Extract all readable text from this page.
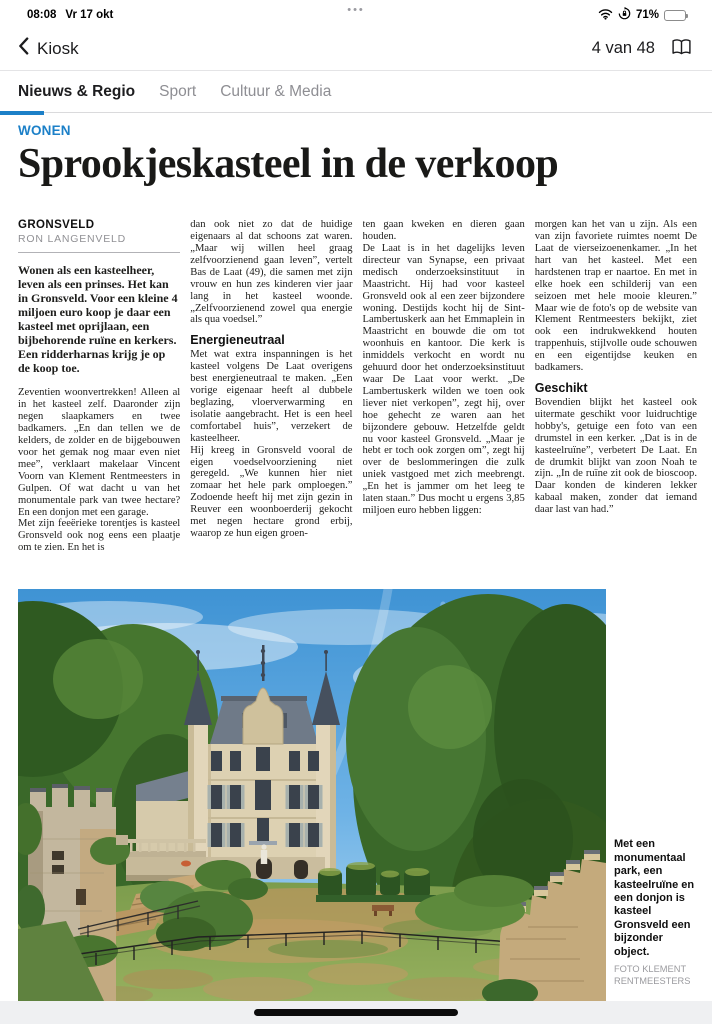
08:08 Vr 17 okt	•••	71%
Kiosk	4 van 48
Nieuws & Regio Sport Cultuur & Media
WONEN
Sprookjeskasteel in de verkoop
GRONSVELD
RON LANGENVELD

Wonen als een kasteelheer, leven als een prinses. Het kan in Gronsveld. Voor een kleine 4 miljoen euro koop je daar een kasteel met oprijlaan, een bijbehorende ruïne en kerkers. Een ridderharnas krijg je op de koop toe.

Zeventien woonvertrekken! Alleen al in het kasteel zelf. Daaronder zijn negen slaapkamers en twee badkamers. „En dan tellen we de kelders, de zolder en de bijgebouwen voor het gemak nog maar even niet mee”, verklaart makelaar Vincent Voorn van Klement Rentmeesters in Gulpen. Of wat dacht u van het monumentale park van twee hectare? En een donjon met een garage.

Met zijn feeërieke torentjes is kasteel Gronsveld ook nog eens een plaatje om te zien. En het is

dan ook niet zo dat de huidige eigenaars al dat schoons zat waren. „Maar wij willen heel graag zelfvoorzienend gaan leven”, vertelt Bas de Laat (49), die samen met zijn vrouw en hun zes kinderen vier jaar lang in het kasteel woonde. „Zelfvoorzienend zowel qua energie als qua voedsel.”

Energieneutraal

Met wat extra inspanningen is het kasteel volgens De Laat overigens best energieneutraal te maken. „Een vorige eigenaar heeft al dubbele beglazing, vloerverwarming en isolatie aangebracht. Het is een heel comfortabel huis”, verzekert de kasteelheer.

Hij kreeg in Gronsveld vooral de eigen voedselvoorziening niet geregeld. „We kunnen hier niet zomaar het hele park omploegen.” Zodoende heeft hij met zijn gezin in Reuver een woonboerderij gekocht met negen hectare grond erbij, waarop ze hun eigen groen-

ten gaan kweken en dieren gaan houden.

De Laat is in het dagelijks leven directeur van Synapse, een privaat medisch onderzoeksinstituut in Maastricht. Hij had voor kasteel Gronsveld ook al een zeer bijzondere woning. Destijds kocht hij de Sint-Lambertuskerk aan het Emmaplein in Maastricht en bouwde die om tot woonhuis en kantoor. Die kerk is inmiddels verkocht en wordt nu gehuurd door het onderzoeksinstituut waar De Laat voor werkt. „De Lambertuskerk wilden we toen ook liever niet verkopen”, zegt hij, over hoe gehecht ze waren aan het bijzondere gebouw. Hetzelfde geldt nu voor kasteel Gronsveld. „Maar je hebt er toch ook zorgen om”, zegt hij over de beslommeringen die zulk uniek vastgoed met zich meebrengt. „En het is jammer om het leeg te laten staan.” Dus mocht u ergens 3,85 miljoen euro hebben liggen:

morgen kan het van u zijn. Als een van zijn favoriete ruimtes noemt De Laat de vierseizoenenkamer. „In het hart van het kasteel. Met een hardstenen trap er naartoe. En met in elke hoek een schilderij van een seizoen met hele mooie kleuren.” Maar wie de foto's op de website van Klement Rentmeesters bekijkt, ziet ook een indrukwekkend houten trappenhuis, stijlvolle oude schouwen en een eigentijdse keuken en badkamers.

Geschikt

Bovendien blijkt het kasteel ook uitermate geschikt voor luidruchtige hobby's, getuige een foto van een drumstel in een kerker. „Dat is in de kasteelruïne”, verbetert De Laat. En de drumkit blijkt van zoon Noah te zijn. „In de ruïne zit ook de bioscoop. Daar konden de kinderen lekker kabaal maken, zonder dat iemand daar last van had.”

Met een monumentaal park, een kasteelruïne en een donjon is kasteel Gronsveld een bijzonder object.

FOTO KLEMENT RENTMEESTERS
